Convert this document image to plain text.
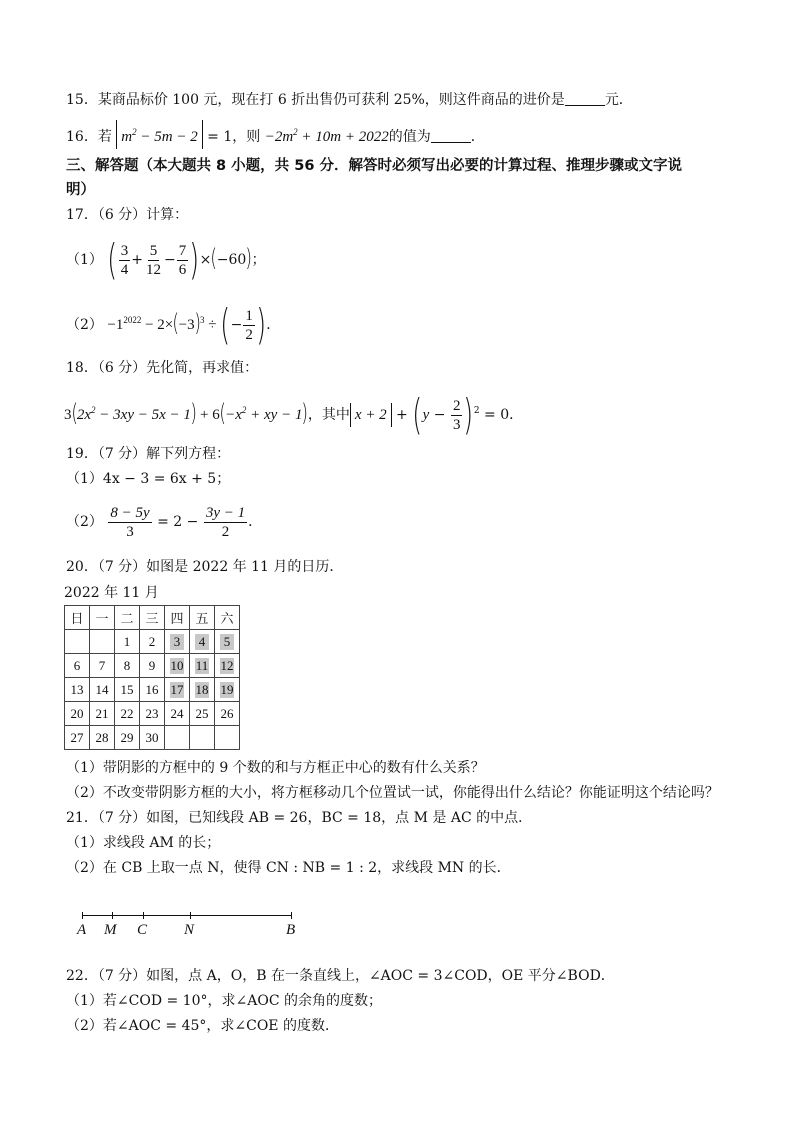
15．某商品标价 100 元，现在打 6 折出售仍可获利 25%，则这件商品的进价是	元．
16．若 $m^2 - 5m - 2 = 1$，则 $-2m^2 + 10m + 2022$的值为	．
三、解答题（本大题共 8 小题，共 56 分．解答时必须写出必要的计算过程、推理步骤或文字说
明）
17．（6 分）计算：
（1） ( $\frac{3}{4} + \frac{5}{12} - \frac{7}{6} )\times(-60)$；
$(2) -1^{2022} - 2\times(-3)^3$ ÷ (− $\frac{1}{2}$ )．
18．（6 分）先化简，再求值：
$3(2x^2 - 3xy - 5x - 1) + 6(-x^2$ + xy − 1)，其中 $x + 2 + (y - \frac{2}{3} )^2 = 0$．
19．（7 分）解下列方程：
（1）4x − 3 = 6x + 5；
$(2) \frac{8 - 5y}{3} = 2 - \frac{3y - 1}{2}$ ．
20．（7 分）如图是 2022 年 11 月的日历．
2022 年 11 月
日	一	二	三	四	五	六
		1	2	3	4	5
6	7	8	9	10	11	12
13	14	15	16	17	18	19
20	21	22	23	24	25	26
27	28	29	30			
（1）带阴影的方框中的 9 个数的和与方框正中心的数有什么关系？
（2）不改变带阴影方框的大小，将方框移动几个位置试一试，你能得出什么结论？你能证明这个结论吗？
21．（7 分）如图，已知线段 AB = 26，BC = 18，点 M 是 AC 的中点．
（1）求线段 AM 的长；
（2）在 CB 上取一点 N，使得 CN : NB = 1 : 2，求线段 MN 的长．
A M C N	B
22．（7 分）如图，点 A，O，B 在一条直线上，∠AOC = 3∠COD，OE 平分∠BOD．
（1）若∠COD = 10°，求∠AOC 的余角的度数；
（2）若∠AOC = 45°，求∠COE 的度数．
